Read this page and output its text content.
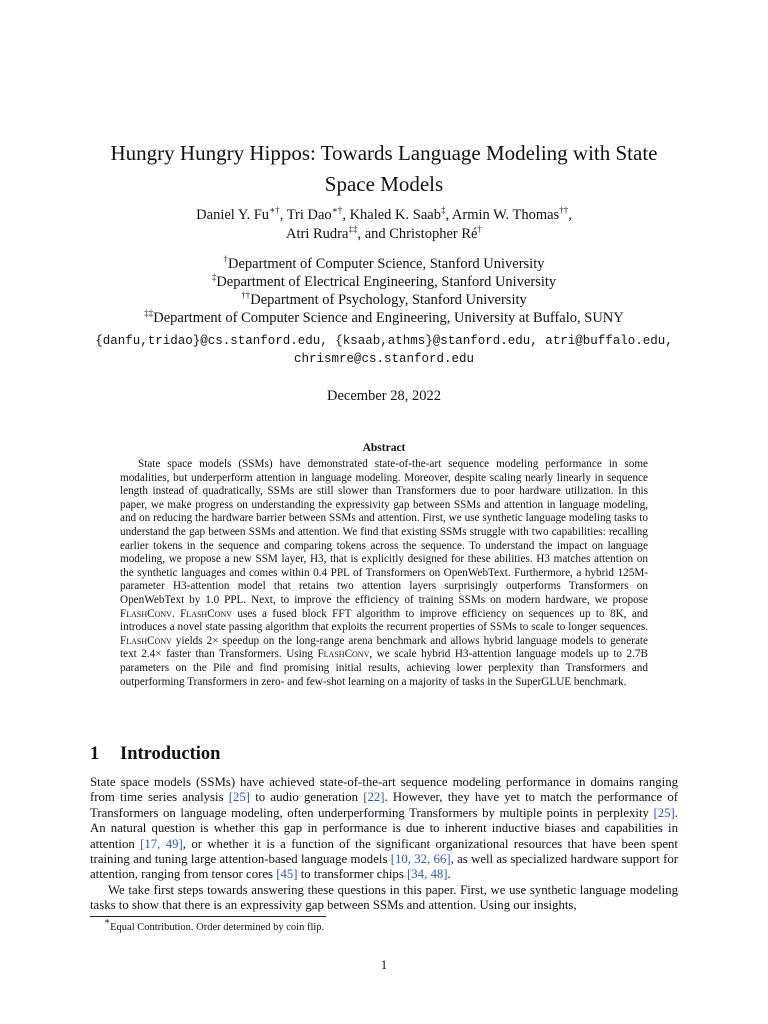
Hungry Hungry Hippos: Towards Language Modeling with State Space Models
Daniel Y. Fu∗†, Tri Dao∗†, Khaled K. Saab‡, Armin W. Thomas††,
Atri Rudra‡‡, and Christopher Ré†
†Department of Computer Science, Stanford University
‡Department of Electrical Engineering, Stanford University
††Department of Psychology, Stanford University
‡‡Department of Computer Science and Engineering, University at Buffalo, SUNY
{danfu,tridao}@cs.stanford.edu, {ksaab,athms}@stanford.edu, atri@buffalo.edu,
chrismre@cs.stanford.edu
December 28, 2022
Abstract

State space models (SSMs) have demonstrated state-of-the-art sequence modeling performance in some modalities, but underperform attention in language modeling. Moreover, despite scaling nearly linearly in sequence length instead of quadratically, SSMs are still slower than Transformers due to poor hardware utilization. In this paper, we make progress on understanding the expressivity gap between SSMs and attention in language modeling, and on reducing the hardware barrier between SSMs and attention. First, we use synthetic language modeling tasks to understand the gap between SSMs and attention. We find that existing SSMs struggle with two capabilities: recalling earlier tokens in the sequence and comparing tokens across the sequence. To understand the impact on language modeling, we propose a new SSM layer, H3, that is explicitly designed for these abilities. H3 matches attention on the synthetic languages and comes within 0.4 PPL of Transformers on OpenWebText. Furthermore, a hybrid 125M-parameter H3-attention model that retains two attention layers surprisingly outperforms Transformers on OpenWebText by 1.0 PPL. Next, to improve the efficiency of training SSMs on modern hardware, we propose FlashConv. FlashConv uses a fused block FFT algorithm to improve efficiency on sequences up to 8K, and introduces a novel state passing algorithm that exploits the recurrent properties of SSMs to scale to longer sequences. FlashConv yields 2× speedup on the long-range arena benchmark and allows hybrid language models to generate text 2.4× faster than Transformers. Using FlashConv, we scale hybrid H3-attention language models up to 2.7B parameters on the Pile and find promising initial results, achieving lower perplexity than Transformers and outperforming Transformers in zero- and few-shot learning on a majority of tasks in the SuperGLUE benchmark.

1 Introduction

State space models (SSMs) have achieved state-of-the-art sequence modeling performance in domains ranging from time series analysis [25] to audio generation [22]. However, they have yet to match the performance of Transformers on language modeling, often underperforming Transformers by multiple points in perplexity [25]. An natural question is whether this gap in performance is due to inherent inductive biases and capabilities in attention [17, 49], or whether it is a function of the significant organizational resources that have been spent training and tuning large attention-based language models [10, 32, 66], as well as specialized hardware support for attention, ranging from tensor cores [45] to transformer chips [34, 48].

We take first steps towards answering these questions in this paper. First, we use synthetic language modeling tasks to show that there is an expressivity gap between SSMs and attention. Using our insights,

∗Equal Contribution. Order determined by coin flip.
1
